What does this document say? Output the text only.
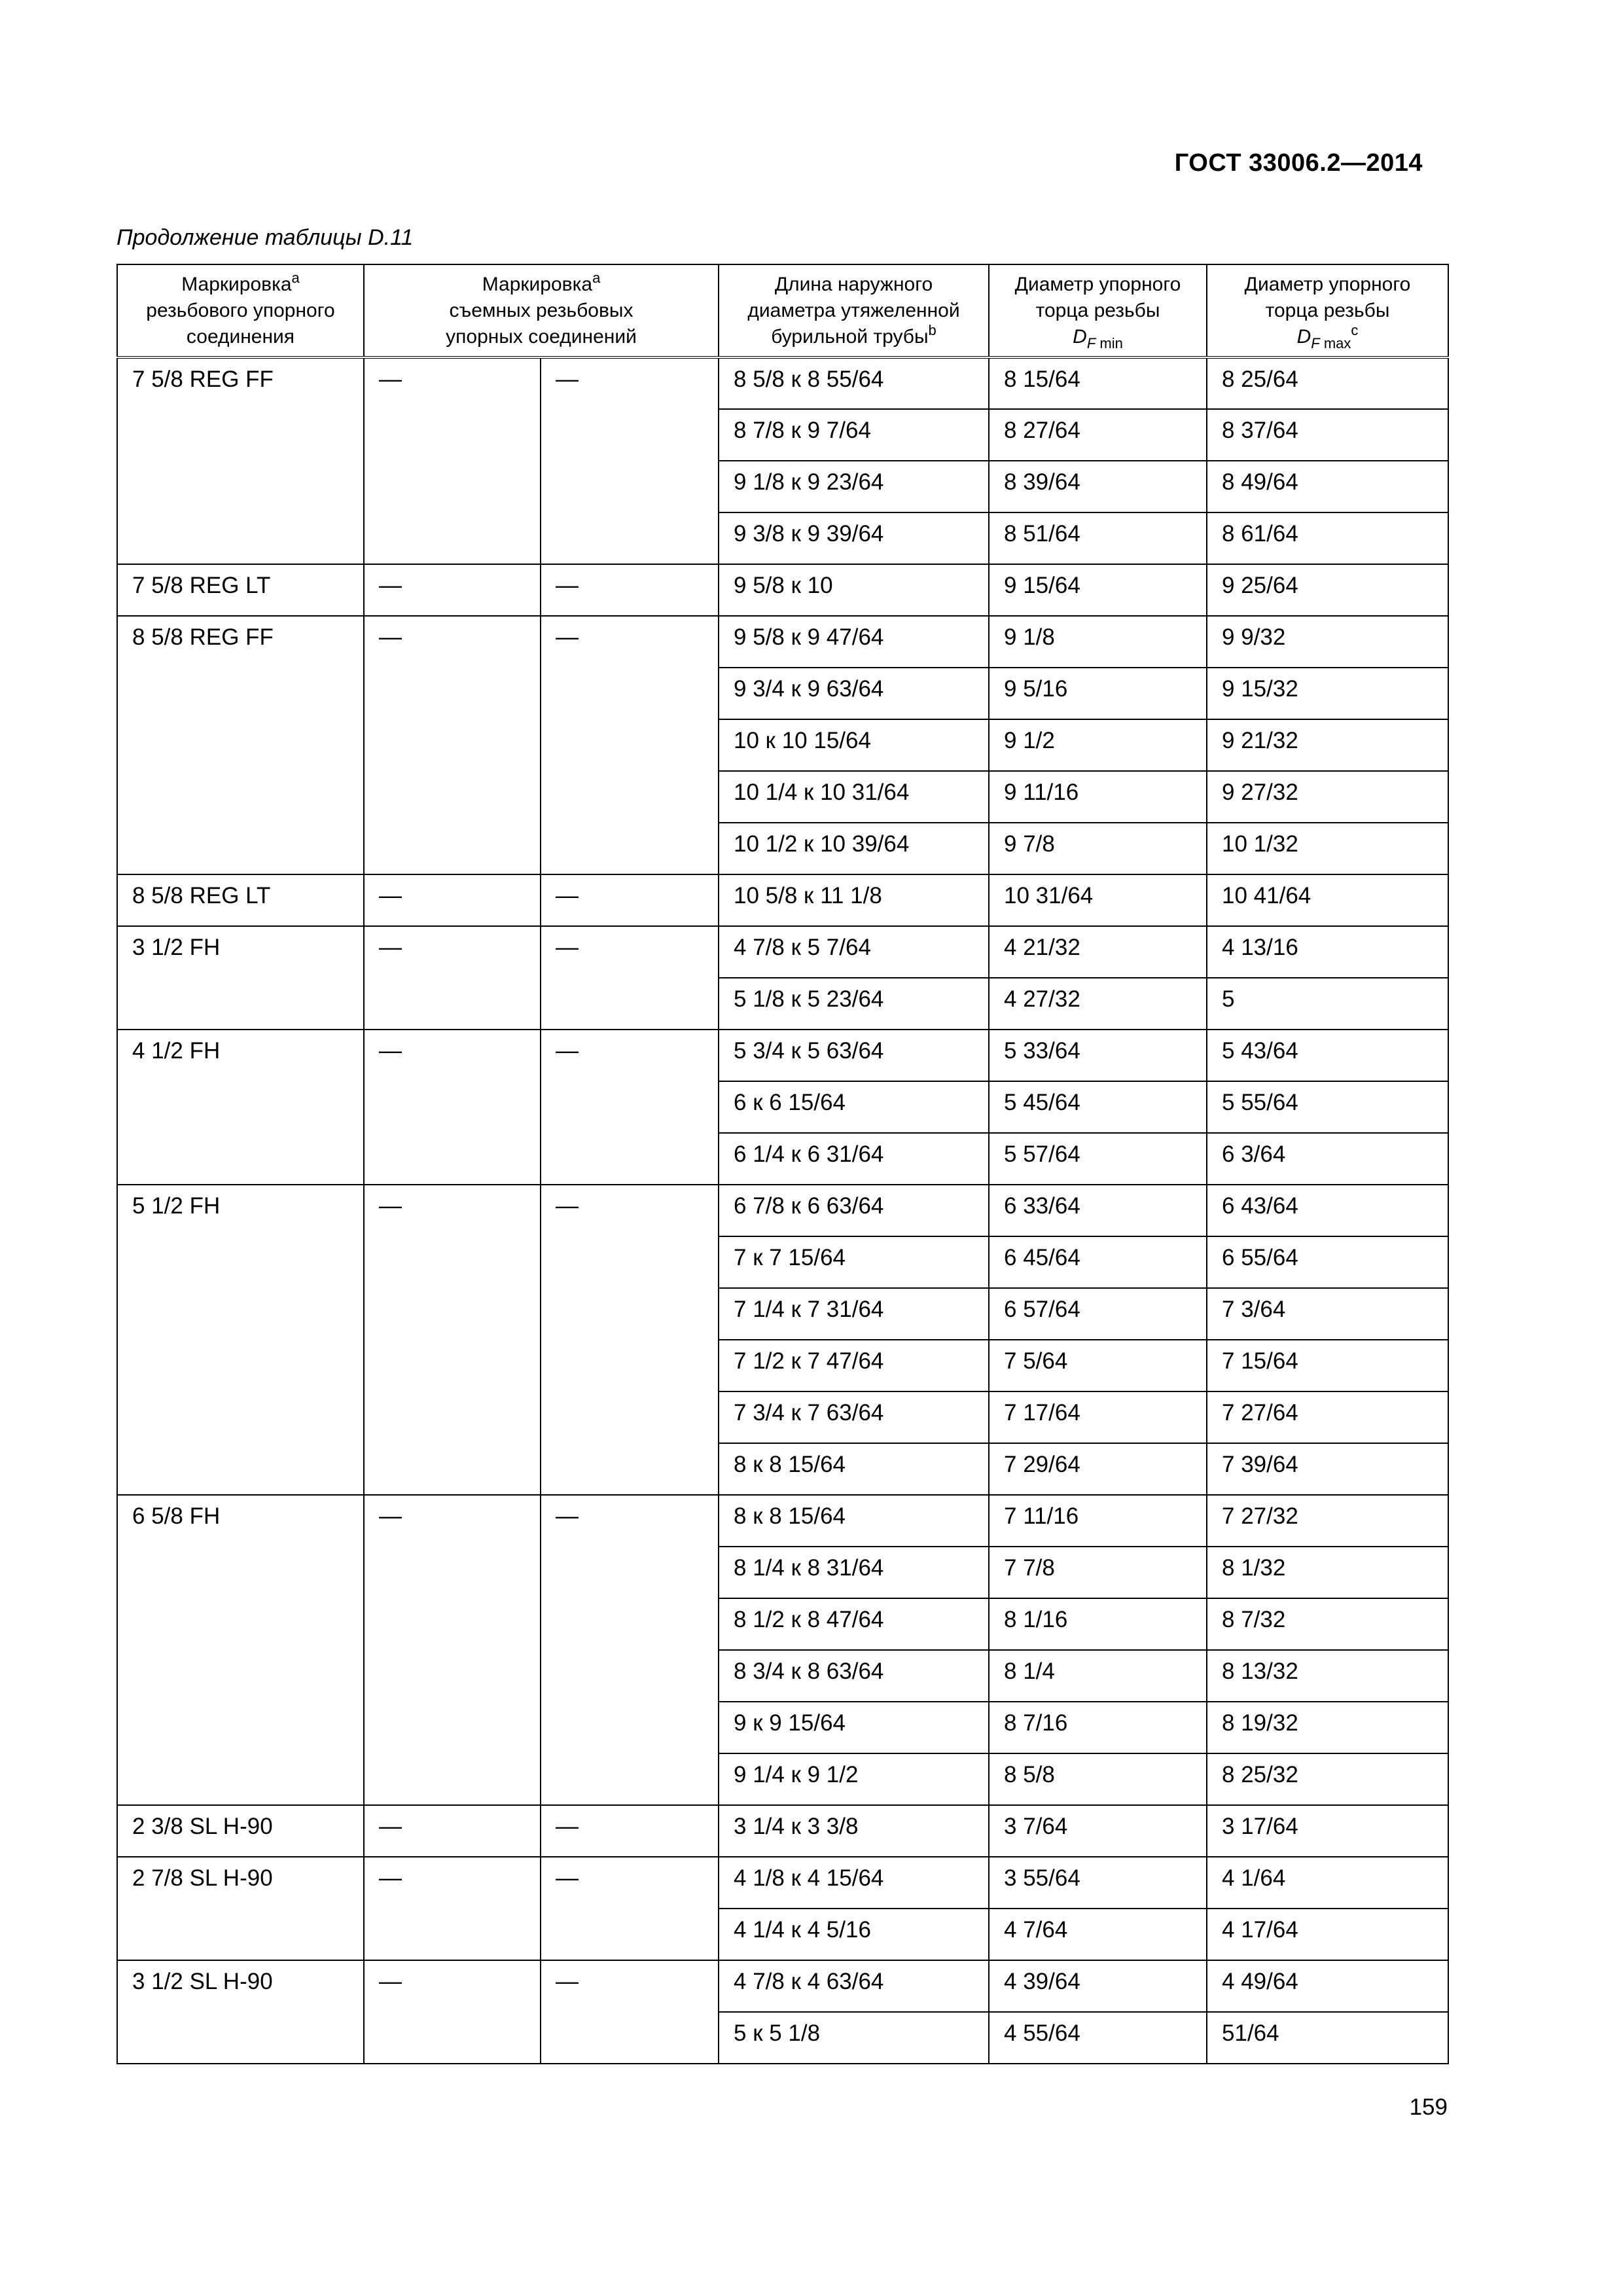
ГОСТ 33006.2—2014
Продолжение таблицы D.11
Маркировка$^a$
резьбового упорного
соединения	Маркировка$^a$
съемных резьбовых
упорных соединений		Длина наружного
диаметра утяжеленной
бурильной трубы$^b$	Диаметр упорного
торца резьбы
$D_{F min}$	Диаметр упорного
торца резьбы
$D_{F max}^c$
7 5/8 REG FF	—	—	8 5/8 к 8 55/64	8 15/64	8 25/64
			8 7/8 к 9 7/64	8 27/64	8 37/64
			9 1/8 к 9 23/64	8 39/64	8 49/64
			9 3/8 к 9 39/64	8 51/64	8 61/64
7 5/8 REG LT	—	—	9 5/8 к 10	9 15/64	9 25/64
8 5/8 REG FF	—	—	9 5/8 к 9 47/64	9 1/8	9 9/32
			9 3/4 к 9 63/64	9 5/16	9 15/32
			10 к 10 15/64	9 1/2	9 21/32
			10 1/4 к 10 31/64	9 11/16	9 27/32
			10 1/2 к 10 39/64	9 7/8	10 1/32
8 5/8 REG LT	—	—	10 5/8 к 11 1/8	10 31/64	10 41/64
3 1/2 FH	—	—	4 7/8 к 5 7/64	4 21/32	4 13/16
			5 1/8 к 5 23/64	4 27/32	5
4 1/2 FH	—	—	5 3/4 к 5 63/64	5 33/64	5 43/64
			6 к 6 15/64	5 45/64	5 55/64
			6 1/4 к 6 31/64	5 57/64	6 3/64
5 1/2 FH	—	—	6 7/8 к 6 63/64	6 33/64	6 43/64
			7 к 7 15/64	6 45/64	6 55/64
			7 1/4 к 7 31/64	6 57/64	7 3/64
			7 1/2 к 7 47/64	7 5/64	7 15/64
			7 3/4 к 7 63/64	7 17/64	7 27/64
			8 к 8 15/64	7 29/64	7 39/64
6 5/8 FH	—	—	8 к 8 15/64	7 11/16	7 27/32
			8 1/4 к 8 31/64	7 7/8	8 1/32
			8 1/2 к 8 47/64	8 1/16	8 7/32
			8 3/4 к 8 63/64	8 1/4	8 13/32
			9 к 9 15/64	8 7/16	8 19/32
			9 1/4 к 9 1/2	8 5/8	8 25/32
2 3/8 SL H-90	—	—	3 1/4 к 3 3/8	3 7/64	3 17/64
2 7/8 SL H-90	—	—	4 1/8 к 4 15/64	3 55/64	4 1/64
			4 1/4 к 4 5/16	4 7/64	4 17/64
3 1/2 SL H-90	—	—	4 7/8 к 4 63/64	4 39/64	4 49/64
			5 к 5 1/8	4 55/64	51/64
159
